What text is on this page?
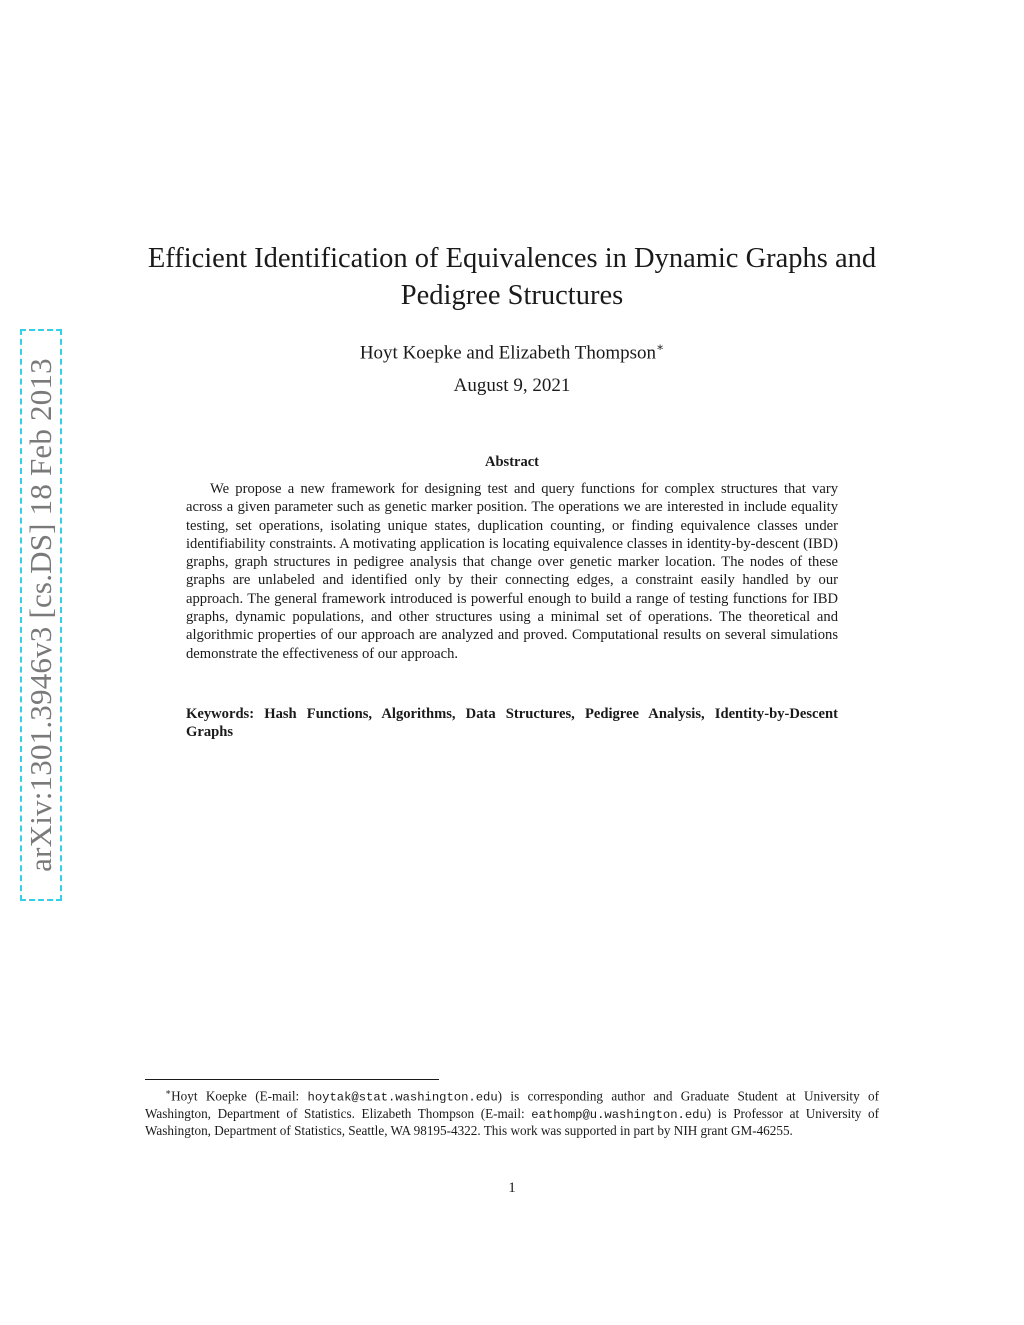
arXiv:1301.3946v3 [cs.DS] 18 Feb 2013
Efficient Identification of Equivalences in Dynamic Graphs and Pedigree Structures
Hoyt Koepke and Elizabeth Thompson∗
August 9, 2021
Abstract

We propose a new framework for designing test and query functions for complex structures that vary across a given parameter such as genetic marker position. The operations we are interested in include equality testing, set operations, isolating unique states, duplication counting, or finding equivalence classes under identifiability constraints. A motivating application is locating equivalence classes in identity-by-descent (IBD) graphs, graph structures in pedigree analysis that change over genetic marker location. The nodes of these graphs are unlabeled and identified only by their connecting edges, a constraint easily handled by our approach. The general framework introduced is powerful enough to build a range of testing functions for IBD graphs, dynamic populations, and other structures using a minimal set of operations. The theoretical and algorithmic properties of our approach are analyzed and proved. Computational results on several simulations demonstrate the effectiveness of our approach.

Keywords: Hash Functions, Algorithms, Data Structures, Pedigree Analysis, Identity-by-Descent Graphs

∗Hoyt Koepke (E-mail: hoytak@stat.washington.edu) is corresponding author and Graduate Student at University of Washington, Department of Statistics. Elizabeth Thompson (E-mail: eathomp@u.washington.edu) is Professor at University of Washington, Department of Statistics, Seattle, WA 98195-4322. This work was supported in part by NIH grant GM-46255.

1
